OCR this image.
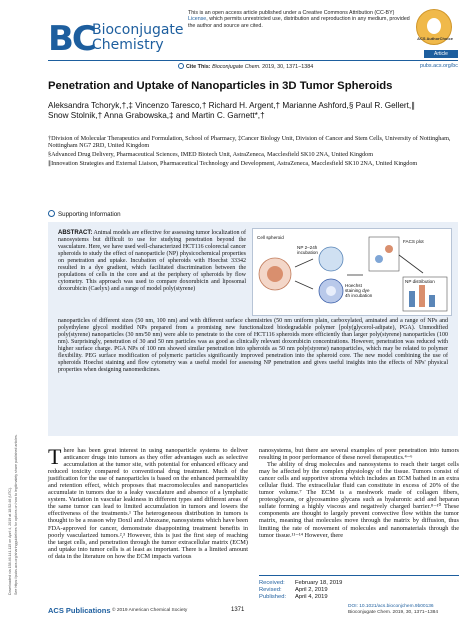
Downloaded via 158.46.141.115 on April 4, 2019 at 18:52:46 (UTC). See https://pubs.acs.org/sharingguidelines for options on how to legitimately share published articles.
BC
Bioconjugate
Chemistry
This is an open access article published under a Creative Commons Attribution (CC-BY) License, which permits unrestricted use, distribution and reproduction in any medium, provided the author and source are cited.
ACS AuthorChoice
Article
Cite This: Bioconjugate Chem. 2019, 30, 1371−1384	pubs.acs.org/bc
Penetration and Uptake of Nanoparticles in 3D Tumor Spheroids
Aleksandra Tchoryk,†,‡ Vincenzo Taresco,† Richard H. Argent,† Marianne Ashford,§ Paul R. Gellert,∥
Snow Stolnik,† Anna Grabowska,‡ and Martin C. Garnett*,†

†Division of Molecular Therapeutics and Formulation, School of Pharmacy, ‡Cancer Biology Unit, Division of Cancer and Stem Cells, University of Nottingham, Nottingham NG7 2RD, United Kingdom

§Advanced Drug Delivery, Pharmaceutical Sciences, IMED Biotech Unit, AstraZeneca, Macclesfield SK10 2NA, United Kingdom

∥Innovation Strategies and External Liaison, Pharmaceutical Technology and Development, AstraZeneca, Macclesfield SK10 2NA, United Kingdom

Supporting Information
ABSTRACT: Animal models are effective for assessing tumor localization of nanosystems but difficult to use for studying penetration beyond the vasculature. Here, we have used well-characterized HCT116 colorectal cancer spheroids to study the effect of nanoparticle (NP) physicochemical properties on penetration and uptake. Incubation of spheroids with Hoechst 33342 resulted in a dye gradient, which facilitated discrimination between the populations of cells in the core and at the periphery of spheroids by flow cytometry. This approach was used to compare doxorubicin and liposomal doxorubicin (Caelyx) and a range of model poly(styrene)
Cell spheroid
NP 2–24h incubation
Hoechst staining dye 4h incubation
FACS plot
NP distribution
nanoparticles of different sizes (50 nm, 100 nm) and with different surface chemistries (50 nm uniform plain, carboxylated, aminated and a range of NPs and polyethylene glycol modified NPs prepared from a promising new functionalized biodegradable polymer [poly(glycerol-adipate), PGA). Unmodified poly(styrene) nanoparticles (30 nm/50 nm) were able to penetrate to the core of HCT116 spheroids more efficiently than larger poly(styrene) nanoparticles (100 nm). Surprisingly, penetration of 30 and 50 nm particles was as good as clinically relevant doxorubicin concentrations. However, penetration was reduced with higher surface charge. PGA NPs of 100 nm showed similar penetration into spheroids as 50 nm poly(styrene) nanoparticles, which may be related to polymer flexibility. PEG surface modification of polymeric particles significantly improved penetration into the spheroid core. The new model combining the use of spheroids Hoechst staining and flow cytometry was a useful model for assessing NP penetration and gives useful insights into the effects of NPs' physical properties when designing nanomedicines.
There has been great interest in using nanoparticle systems to deliver anticancer drugs into tumors as they offer advantages such as selective accumulation at the tumor site, with potential for enhanced efficacy and reduced toxicity compared to conventional drug treatment. Much of the justification for the use of nanoparticles is based on the enhanced permeability and retention effect, which proposes that macromolecules and nanoparticles accumulate in tumors due to a leaky vasculature and absence of a lymphatic system. Variation in vascular leakiness in different types and different areas of the same tumor can lead to limited accumulation in tumors and lowers the effectiveness of the treatments.¹ The heterogeneous distribution in tumors is thought to be a reason why Doxil and Abraxane, nanosystems which have been FDA-approved for cancer, demonstrate disappointing treatment benefits in poorly vascularized tumors.²,³ However, this is just the first step of reaching the target cells, and penetration through the tumor extracellular matrix (ECM) and uptake into tumor cells is at least as important. There is a limited amount of data in the literature on how the ECM impacts various

nanosystems, but there are several examples of poor penetration into tumors resulting in poor performance of these novel therapeutics.⁴−⁶

The ability of drug molecules and nanosystems to reach their target cells may be affected by the complex physiology of the tissue. Tumors consist of cancer cells and supportive stroma which includes an ECM bathed in an extra cellular fluid. The extracellular fluid can constitute in excess of 20% of the tumor volume.⁷ The ECM is a meshwork made of collagen fibers, proteoglycans, or glycosamino glycans such as hyaluronic acid and heparan sulfate forming a highly viscous and negatively charged barrier.⁸−¹⁰ These components are thought to largely prevent convective flow within the tumor matrix, meaning that molecules move through the matrix by diffusion, thus limiting the rate of movement of molecules and nanomaterials through the tumor tissue.¹¹−¹⁴ However, there

Received: February 18, 2019
Revised: April 2, 2019
Published: April 4, 2019
ACS Publications © 2019 American Chemical Society	1371
DOI: 10.1021/acs.bioconjchem.9b00136
Bioconjugate Chem. 2019, 30, 1371−1384
